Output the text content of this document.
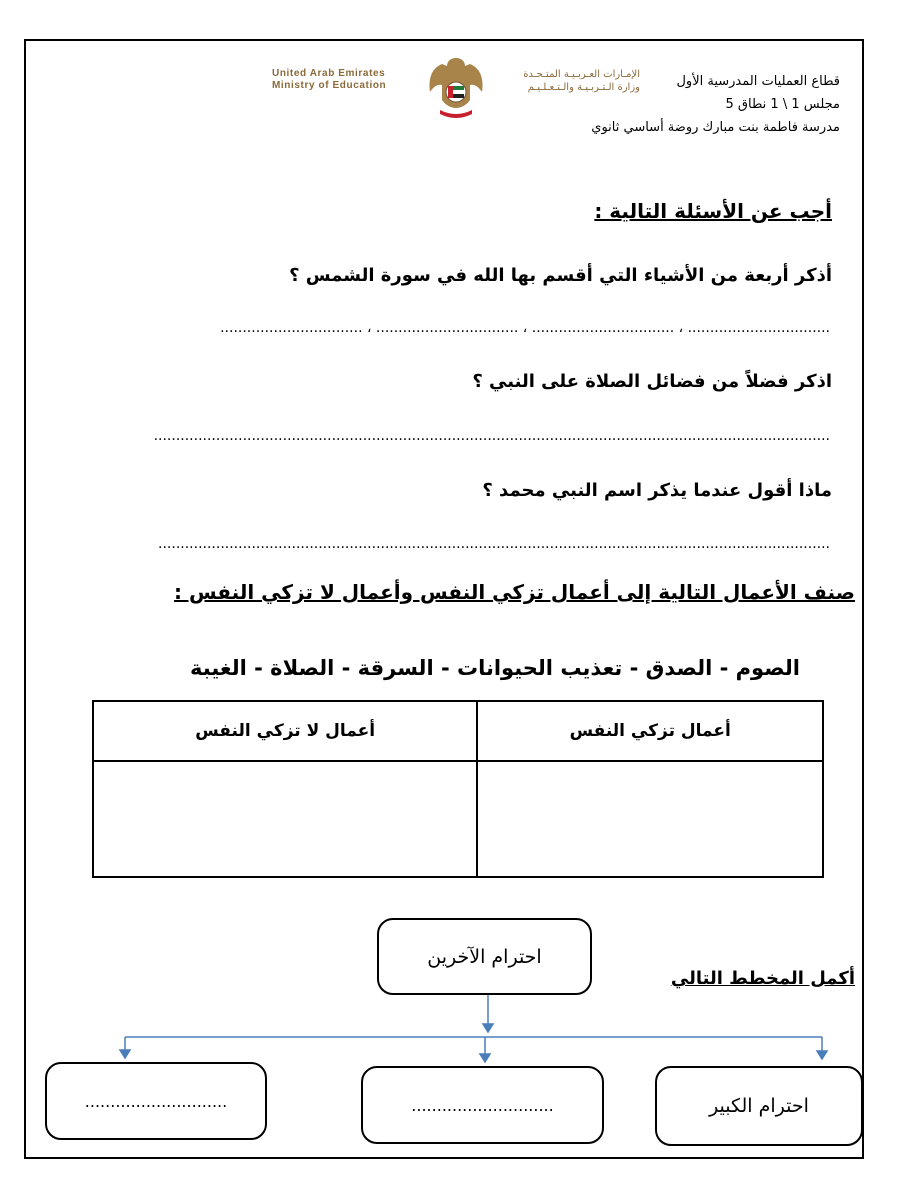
United Arab Emirates
Ministry of Education
الإمـارات العـربـيـة المتـحـدة
وزارة الـتـربـيـة والـتـعـلـيـم	قطاع العمليات المدرسية الأول
مجلس 1 \ 1 نطاق 5
مدرسة فاطمة بنت مبارك روضة أساسي ثانوي
أجب عن الأسئلة التالية :
أذكر أربعة من الأشياء التي أقسم بها الله في سورة الشمس ؟
................................ ، ................................ ، ................................ ، ................................
اذكر فضلاً من فضائل الصلاة على النبي ؟
........................................................................................................................................................
ماذا أقول عندما يذكر اسم النبي محمد ؟
.......................................................................................................................................................
صنف الأعمال التالية إلى أعمال تزكي النفس وأعمال لا تزكي النفس :
الصوم - الصدق - تعذيب الحيوانات - السرقة - الصلاة - الغيبة
أعمال تزكي النفس	أعمال لا تزكي النفس

أكمل المخطط التالي
احترام الآخرين
احترام الكبير
............................
............................
